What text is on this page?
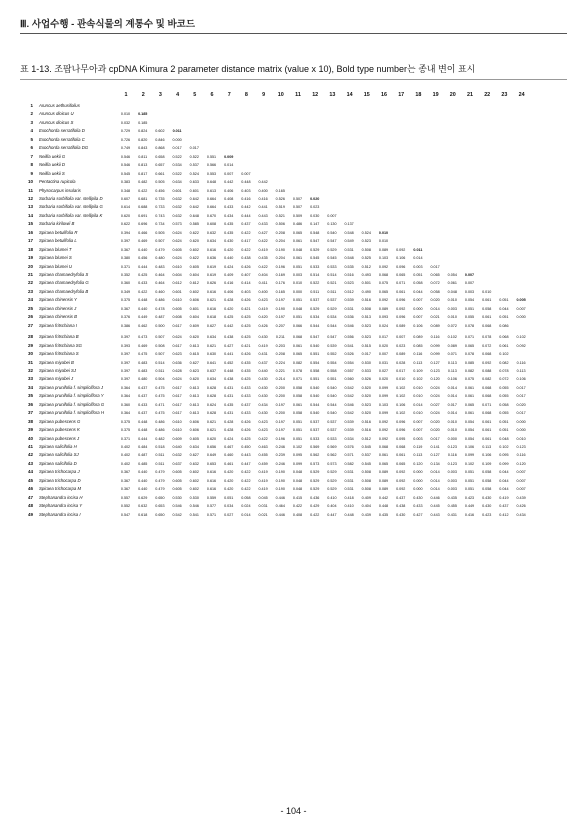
Ⅲ. 사업수행 - 관속식물의 계통수 및 바코드
표 1-13. 조팝나무아과 cpDNA Kimura 2 parameter distance matrix (value x 10), Bold type number는 종내 변이 표시
1	2	3	4	5	6	7	8	9	10	11	12	13	14	15	16	17	18	19	20	21	22	23	24
1 Aruncus aethusifolius
2 Aruncus dioicus U	0.010	0.185
3 Aruncus dioicus S	0.032	0.185
4 Exochorda serratifolia D	0.729	0.824	0.602	0.011
5 Exochorda serratifolia C	0.726	0.820	0.846	0.000
6 Exochorda serratifolia DG	0.749	0.843	0.868	0.017	0.017
7 Neillia uekii G	0.546	0.811	0.658	0.522	0.522	0.551	0.009
8 Neillia uekii D	0.546	0.813	0.657	0.534	0.537	0.566	0.014
9 Neillia uekii S	0.545	0.817	0.661	0.522	0.524	0.553	0.007	0.007
10 Pentactina rupicola	0.383	0.482	0.505	0.634	0.633	0.648	0.442	0.448	0.442
11 Physocarpus insularis	0.348	0.422	0.456	0.601	0.601	0.613	0.406	0.403	0.400	0.165
12 Sorbaria sorbifolia var. stellipila D	0.607	0.681	0.735	0.632	0.642	0.664	0.408	0.416	0.416	0.526	0.507	0.020
13 Sorbaria sorbifolia var. stellipila G	0.614	0.688	0.733	0.632	0.642	0.664	0.433	0.442	0.441	0.519	0.507	0.023
14 Sorbaria sorbifolia var. stellipila K	0.620	0.691	0.743	0.632	0.648	0.670	0.434	0.444	0.443	0.521	0.509	0.030	0.007
15 Sorbaria kirilowii B	0.622	0.696	0.734	0.573	0.585	0.608	0.435	0.437	0.433	0.506	0.486	0.147	0.130	0.137
16 Spiraea betulifolia R	0.394	0.466	0.505	0.624	0.622	0.632	0.435	0.422	0.427	0.208	0.065	0.548	0.540	0.548	0.524	0.010
17 Spiraea betulifolia L	0.397	0.469	0.507	0.624	0.620	0.634	0.430	0.417	0.422	0.204	0.061	0.547	0.547	0.549	0.523	0.010
18 Spiraea blumei T	0.367	0.440	0.479	0.605	0.602	0.616	0.420	0.422	0.419	0.190	0.048	0.529	0.529	0.531	0.508	0.089	0.092	0.011
19 Spiraea blumei S	0.380	0.456	0.480	0.624	0.622	0.636	0.440	0.438	0.435	0.204	0.061	0.545	0.545	0.548	0.525	0.103	0.106	0.014
20 Spiraea blumei U	0.371	0.444	0.483	0.610	0.605	0.619	0.424	0.426	0.422	0.196	0.051	0.533	0.533	0.535	0.512	0.092	0.096	0.003	0.017
21 Spiraea chamaedryfolia S	0.352	0.425	0.464	0.604	0.604	0.619	0.409	0.407	0.404	0.169	0.003	0.514	0.514	0.516	0.493	0.068	0.065	0.051	0.065	0.054	0.007
22 Spiraea chamaedryfolia G	0.360	0.433	0.464	0.612	0.612	0.626	0.416	0.414	0.411	0.176	0.010	0.522	0.521	0.523	0.501	0.075	0.071	0.058	0.072	0.061	0.007
23 Spiraea chamaedryfolia B	0.349	0.422	0.460	0.601	0.602	0.616	0.406	0.403	0.400	0.165	0.000	0.511	0.511	0.512	0.490	0.065	0.061	0.044	0.058	0.048	0.003	0.010
24 Spiraea chinensis Y	0.375	0.448	0.486	0.610	0.606	0.621	0.428	0.426	0.423	0.197	0.051	0.537	0.537	0.539	0.516	0.092	0.096	0.007	0.020	0.010	0.054	0.061	0.051	0.005
25 Spiraea chinensis J	0.367	0.440	0.478	0.605	0.601	0.616	0.420	0.421	0.419	0.190	0.048	0.529	0.529	0.531	0.508	0.089	0.092	0.000	0.014	0.003	0.051	0.058	0.044	0.007
26 Spiraea chinensis B	0.376	0.449	0.487	0.608	0.604	0.618	0.425	0.425	0.420	0.197	0.051	0.534	0.534	0.536	0.513	0.093	0.096	0.007	0.021	0.010	0.055	0.061	0.051	0.000
27 Spiraea fritschiana I	0.386	0.462	0.500	0.617	0.609	0.627	0.442	0.425	0.426	0.207	0.066	0.544	0.544	0.546	0.523	0.024	0.089	0.106	0.089	0.072	0.078	0.068	0.086
28 Spiraea fritschiana B	0.397	0.473	0.507	0.624	0.620	0.634	0.438	0.425	0.430	0.211	0.068	0.547	0.547	0.556	0.523	0.017	0.007	0.089	0.116	0.102	0.071	0.078	0.068	0.102
29 Spiraea fritschiana SG	0.393	0.469	0.508	0.617	0.613	0.621	0.427	0.421	0.419	0.203	0.061	0.540	0.539	0.541	0.515	0.020	0.023	0.085	0.099	0.089	0.065	0.072	0.061	0.092
30 Spiraea fritschiana S	0.397	0.475	0.507	0.623	0.615	0.630	0.441	0.426	0.431	0.208	0.065	0.551	0.552	0.526	0.017	0.007	0.089	0.116	0.099	0.071	0.078	0.068	0.102
31 Spiraea miyabei B	0.397	0.483	0.514	0.636	0.627	0.641	0.452	0.435	0.437	0.224	0.082	0.554	0.554	0.554	0.530	0.031	0.028	0.113	0.127	0.113	0.085	0.092	0.082	0.116
32 Spiraea miyabei SJ	0.397	0.483	0.511	0.628	0.623	0.637	0.448	0.435	0.440	0.221	0.078	0.558	0.558	0.557	0.533	0.027	0.017	0.109	0.123	0.113	0.082	0.088	0.078	0.113
33 Spiraea miyabei J	0.397	0.480	0.504	0.624	0.620	0.634	0.438	0.425	0.430	0.214	0.071	0.551	0.551	0.560	0.526	0.020	0.010	0.102	0.120	0.106	0.075	0.082	0.072	0.106
34 Spiraea prunifolia f. simpliciflora J	0.364	0.437	0.475	0.617	0.613	0.628	0.431	0.433	0.430	0.200	0.058	0.540	0.540	0.542	0.520	0.099	0.102	0.010	0.024	0.014	0.061	0.068	0.055	0.017
35 Spiraea prunifolia f. simpliciflora Y	0.364	0.437	0.475	0.617	0.613	0.628	0.431	0.433	0.430	0.200	0.058	0.540	0.540	0.542	0.520	0.099	0.102	0.010	0.024	0.014	0.061	0.068	0.055	0.017
36 Spiraea prunifolia f. simpliciflora G	0.360	0.433	0.471	0.617	0.613	0.624	0.435	0.437	0.434	0.197	0.061	0.544	0.544	0.546	0.523	0.103	0.106	0.014	0.027	0.017	0.065	0.071	0.058	0.020
37 Spiraea prunifolia f. simpliciflora H	0.364	0.437	0.475	0.617	0.613	0.628	0.431	0.433	0.430	0.200	0.058	0.540	0.540	0.542	0.520	0.099	0.102	0.010	0.024	0.014	0.061	0.068	0.055	0.017
38 Spiraea pubescens G	0.375	0.448	0.486	0.610	0.606	0.621	0.428	0.426	0.423	0.197	0.051	0.537	0.537	0.539	0.516	0.092	0.096	0.007	0.020	0.010	0.054	0.061	0.051	0.000
39 Spiraea pubescens K	0.375	0.448	0.486	0.610	0.606	0.621	0.428	0.426	0.423	0.197	0.051	0.537	0.537	0.539	0.516	0.092	0.096	0.007	0.020	0.010	0.054	0.061	0.051	0.000
40 Spiraea pubescens J	0.371	0.444	0.482	0.609	0.605	0.620	0.424	0.425	0.422	0.196	0.051	0.533	0.533	0.534	0.512	0.092	0.095	0.003	0.017	0.000	0.054	0.061	0.048	0.010
41 Spiraea salicifolia H	0.402	0.484	0.518	0.640	0.634	0.656	0.467	0.450	0.463	0.246	0.102	0.569	0.569	0.576	0.545	0.068	0.068	0.119	0.141	0.123	0.106	0.113	0.102	0.123
42 Spiraea salicifolia SJ	0.402	0.487	0.511	0.632	0.627	0.649	0.460	0.443	0.455	0.239	0.095	0.562	0.562	0.571	0.537	0.061	0.061	0.113	0.127	0.116	0.099	0.106	0.095	0.116
43 Spiraea salicifolia D	0.402	0.485	0.511	0.637	0.632	0.653	0.461	0.447	0.459	0.246	0.099	0.573	0.573	0.582	0.545	0.065	0.065	0.120	0.134	0.123	0.102	0.109	0.099	0.120
44 Spiraea trichocarpa J	0.367	0.440	0.479	0.605	0.602	0.616	0.420	0.422	0.419	0.190	0.048	0.529	0.529	0.531	0.508	0.089	0.092	0.000	0.014	0.003	0.051	0.058	0.044	0.007
45 Spiraea trichocarpa D	0.367	0.440	0.479	0.605	0.602	0.616	0.420	0.422	0.419	0.190	0.048	0.529	0.529	0.531	0.508	0.089	0.092	0.000	0.014	0.003	0.051	0.058	0.044	0.007
46 Spiraea trichocarpa M	0.367	0.440	0.479	0.605	0.602	0.616	0.420	0.422	0.419	0.190	0.048	0.529	0.529	0.531	0.508	0.089	0.092	0.000	0.014	0.003	0.051	0.058	0.044	0.007
47 Stephanandra incisa H	0.557	0.629	0.650	0.530	0.530	0.559	0.051	0.058	0.045	0.446	0.415	0.436	0.410	0.418	0.409	0.442	0.437	0.430	0.446	0.435	0.423	0.430	0.419	0.439
48 Stephanandra incisa Y	0.552	0.632	0.653	0.546	0.546	0.577	0.034	0.024	0.031	0.464	0.422	0.429	0.404	0.410	0.404	0.448	0.438	0.433	0.445	0.455	0.449	0.430	0.437	0.426
49 Stephanandra incisa I	0.547	0.618	0.650	0.542	0.541	0.571	0.027	0.014	0.021	0.446	0.408	0.422	0.447	0.448	0.439	0.435	0.430	0.427	0.443	0.431	0.416	0.423	0.412	0.434
- 104 -
